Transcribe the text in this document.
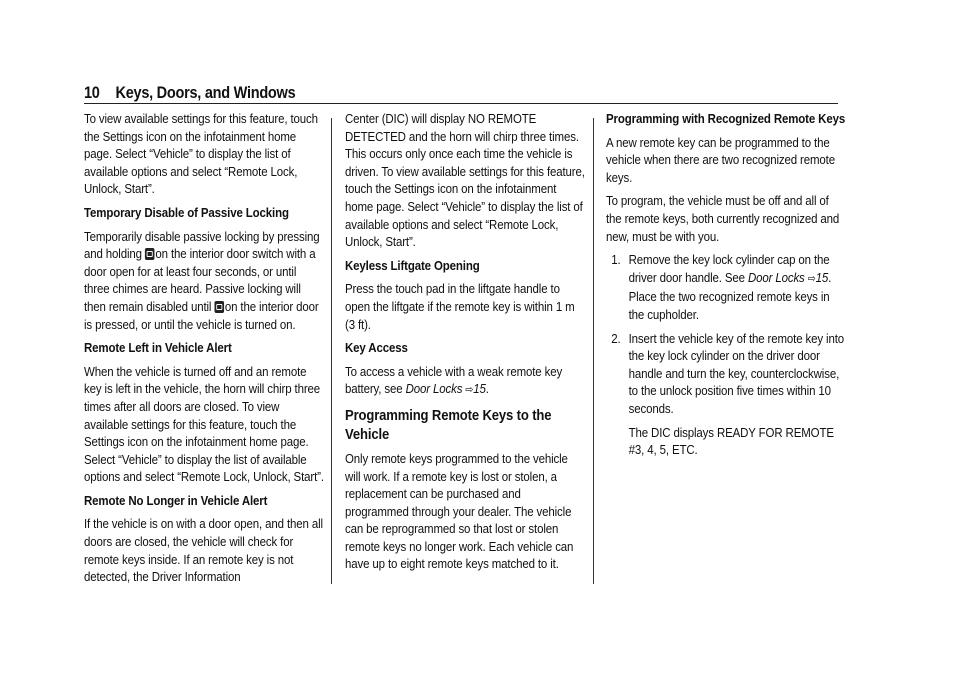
10 Keys, Doors, and Windows

To view available settings for this feature, touch the Settings icon on the infotainment home page. Select “Vehicle” to display the list of available options and select “Remote Lock, Unlock, Start”.

Temporary Disable of Passive Locking

Temporarily disable passive locking by pressing and holding
on the interior door switch with a door open for at least four seconds, or until three chimes are heard. Passive locking will then remain disabled until
on the interior door is pressed, or until the vehicle is turned on.

Remote Left in Vehicle Alert

When the vehicle is turned off and an remote key is left in the vehicle, the horn will chirp three times after all doors are closed. To view available settings for this feature, touch the Settings icon on the infotainment home page. Select “Vehicle” to display the list of available options and select “Remote Lock, Unlock, Start”.

Remote No Longer in Vehicle Alert

If the vehicle is on with a door open, and then all doors are closed, the vehicle will check for remote keys inside. If an remote key is not detected, the Driver Information

Center (DIC) will display NO REMOTE DETECTED and the horn will chirp three times. This occurs only once each time the vehicle is driven. To view available settings for this feature, touch the Settings icon on the infotainment home page. Select “Vehicle” to display the list of available options and select “Remote Lock, Unlock, Start”.

Keyless Liftgate Opening

Press the touch pad in the liftgate handle to open the liftgate if the remote key is within 1 m (3 ft).

Key Access

To access a vehicle with a weak remote key battery, see Door Locks ⇨15.

Programming Remote Keys to the Vehicle

Only remote keys programmed to the vehicle will work. If a remote key is lost or stolen, a replacement can be purchased and programmed through your dealer. The vehicle can be reprogrammed so that lost or stolen remote keys no longer work. Each vehicle can have up to eight remote keys matched to it.

Programming with Recognized Remote Keys

A new remote key can be programmed to the vehicle when there are two recognized remote keys.

To program, the vehicle must be off and all of the remote keys, both currently recognized and new, must be with you.

1. Remove the key lock cylinder cap on the driver door handle. See Door Locks ⇨15. Place the two recognized remote keys in the cupholder.
2. Insert the vehicle key of the remote key into the key lock cylinder on the driver door handle and turn the key, counterclockwise, to the unlock position five times within 10 seconds.

The DIC displays READY FOR REMOTE #3, 4, 5, ETC.
